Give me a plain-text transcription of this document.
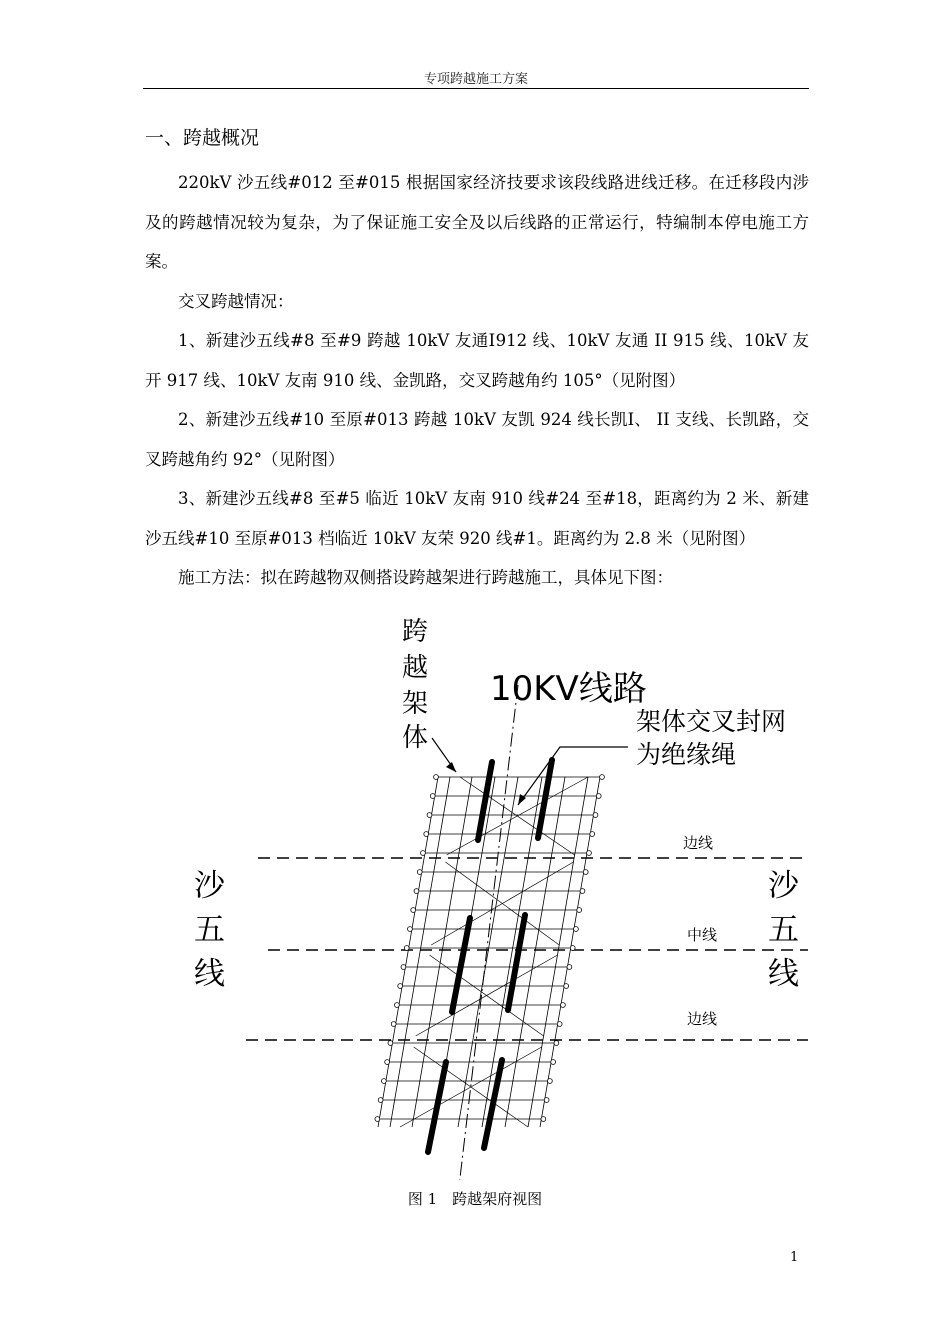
专项跨越施工方案
一、跨越概况
220kV 沙五线#012 至#015 根据国家经济技要求该段线路进线迁移。在迁移段内涉及的跨越情况较为复杂，为了保证施工安全及以后线路的正常运行，特编制本停电施工方案。
交叉跨越情况：
1、新建沙五线#8 至#9 跨越 10kV 友通Ⅰ912 线、10kV 友通 II 915 线、10kV 友开 917 线、10kV 友南 910 线、金凯路，交叉跨越角约 105°（见附图）
2、新建沙五线#10 至原#013 跨越 10kV 友凯 924 线长凯Ⅰ、 II 支线、长凯路，交叉跨越角约 92°（见附图）
3、新建沙五线#8 至#5 临近 10kV 友南 910 线#24 至#18，距离约为 2 米、新建沙五线#10 至原#013 档临近 10kV 友荣 920 线#1。距离约为 2.8 米（见附图）
施工方法：拟在跨越物双侧搭设跨越架进行跨越施工，具体见下图：
跨
越
架
体
10KV线路
架体交叉封网
为绝缘绳
边线
中线
边线
沙
五
线
沙
五
线
图 1　跨越架府视图
1
